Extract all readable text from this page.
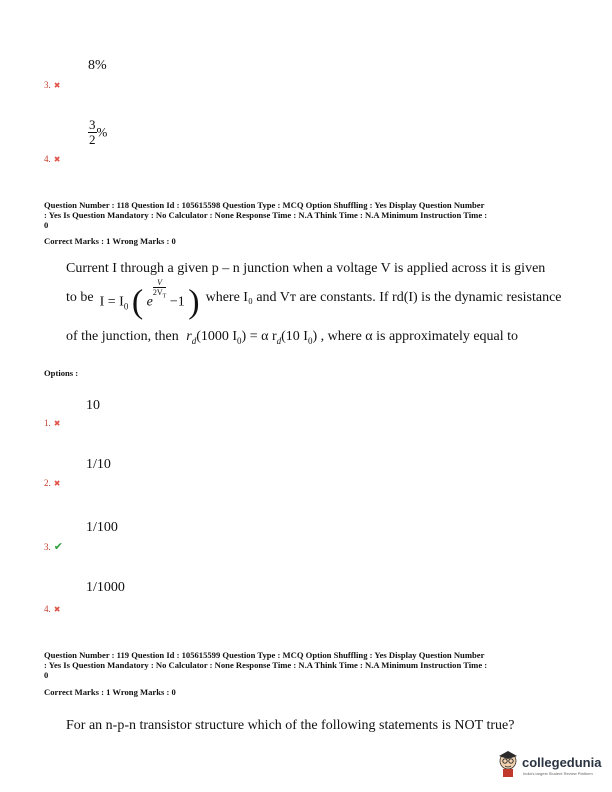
8%
3. ✖
$\frac{3}{2}$ %
4. ✖
Question Number : 118 Question Id : 105615598 Question Type : MCQ Option Shuffling : Yes Display Question Number
: Yes Is Question Mandatory : No Calculator : None Response Time : N.A Think Time : N.A Minimum Instruction Time :
0
Correct Marks : 1 Wrong Marks : 0
Current I through a given p – n junction when a voltage V is applied across it is given
to be $I = I_0$ ( e
$^{\frac{V}{2V_T}}$
−1 ) where I₀ and Vᴛ are constants. If rd(I) is the dynamic resistance
of the junction, then $r_d(1000$ $I_0) = \alpha$ $r_d(10$ $I_0$) , where α is approximately equal to
Options :
10
1. ✖
1/10
2. ✖
1/100
3. ✔
1/1000
4. ✖
Question Number : 119 Question Id : 105615599 Question Type : MCQ Option Shuffling : Yes Display Question Number
: Yes Is Question Mandatory : No Calculator : None Response Time : N.A Think Time : N.A Minimum Instruction Time :
0
Correct Marks : 1 Wrong Marks : 0
For an n-p-n transistor structure which of the following statements is NOT true?
collegedunia
India's largest Student Review Platform
